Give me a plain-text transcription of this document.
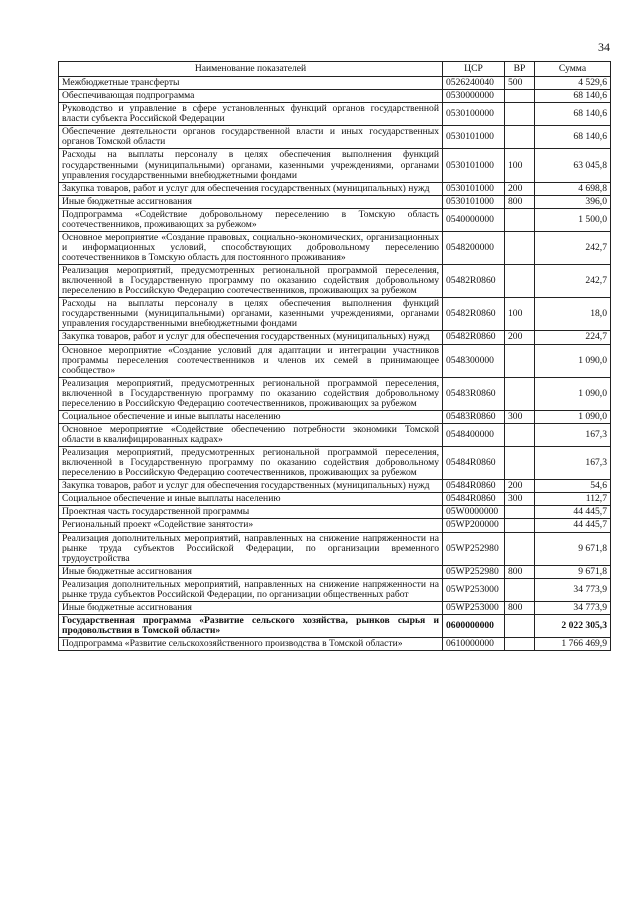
34
Наименование показателей	ЦСР	ВР	Сумма
Межбюджетные трансферты	0526240040	500	4 529,6
Обеспечивающая подпрограмма	0530000000		68 140,6
Руководство и управление в сфере установленных функций органов государственной власти субъекта Российской Федерации	0530100000		68 140,6
Обеспечение деятельности органов государственной власти и иных государственных органов Томской области	0530101000		68 140,6
Расходы на выплаты персоналу в целях обеспечения выполнения функций государственными (муниципальными) органами, казенными учреждениями, органами управления государственными внебюджетными фондами	0530101000	100	63 045,8
Закупка товаров, работ и услуг для обеспечения государственных (муниципальных) нужд	0530101000	200	4 698,8
Иные бюджетные ассигнования	0530101000	800	396,0
Подпрограмма «Содействие добровольному переселению в Томскую область соотечественников, проживающих за рубежом»	0540000000		1 500,0
Основное мероприятие «Создание правовых, социально-экономических, организационных и информационных условий, способствующих добровольному переселению соотечественников в Томскую область для постоянного проживания»	0548200000		242,7
Реализация мероприятий, предусмотренных региональной программой переселения, включенной в Государственную программу по оказанию содействия добровольному переселению в Российскую Федерацию соотечественников, проживающих за рубежом	05482R0860		242,7
Расходы на выплаты персоналу в целях обеспечения выполнения функций государственными (муниципальными) органами, казенными учреждениями, органами управления государственными внебюджетными фондами	05482R0860	100	18,0
Закупка товаров, работ и услуг для обеспечения государственных (муниципальных) нужд	05482R0860	200	224,7
Основное мероприятие «Создание условий для адаптации и интеграции участников программы переселения соотечественников и членов их семей в принимающее сообщество»	0548300000		1 090,0
Реализация мероприятий, предусмотренных региональной программой переселения, включенной в Государственную программу по оказанию содействия добровольному переселению в Российскую Федерацию соотечественников, проживающих за рубежом	05483R0860		1 090,0
Социальное обеспечение и иные выплаты населению	05483R0860	300	1 090,0
Основное мероприятие «Содействие обеспечению потребности экономики Томской области в квалифицированных кадрах»	0548400000		167,3
Реализация мероприятий, предусмотренных региональной программой переселения, включенной в Государственную программу по оказанию содействия добровольному переселению в Российскую Федерацию соотечественников, проживающих за рубежом	05484R0860		167,3
Закупка товаров, работ и услуг для обеспечения государственных (муниципальных) нужд	05484R0860	200	54,6
Социальное обеспечение и иные выплаты населению	05484R0860	300	112,7
Проектная часть государственной программы	05W0000000		44 445,7
Региональный проект «Содействие занятости»	05WP200000		44 445,7
Реализация дополнительных мероприятий, направленных на снижение напряженности на рынке труда субъектов Российской Федерации, по организации временного трудоустройства	05WP252980		9 671,8
Иные бюджетные ассигнования	05WP252980	800	9 671,8
Реализация дополнительных мероприятий, направленных на снижение напряженности на рынке труда субъектов Российской Федерации, по организации общественных работ	05WP253000		34 773,9
Иные бюджетные ассигнования	05WP253000	800	34 773,9
Государственная программа «Развитие сельского хозяйства, рынков сырья и продовольствия в Томской области»	0600000000		2 022 305,3
Подпрограмма «Развитие сельскохозяйственного производства в Томской области»	0610000000		1 766 469,9
